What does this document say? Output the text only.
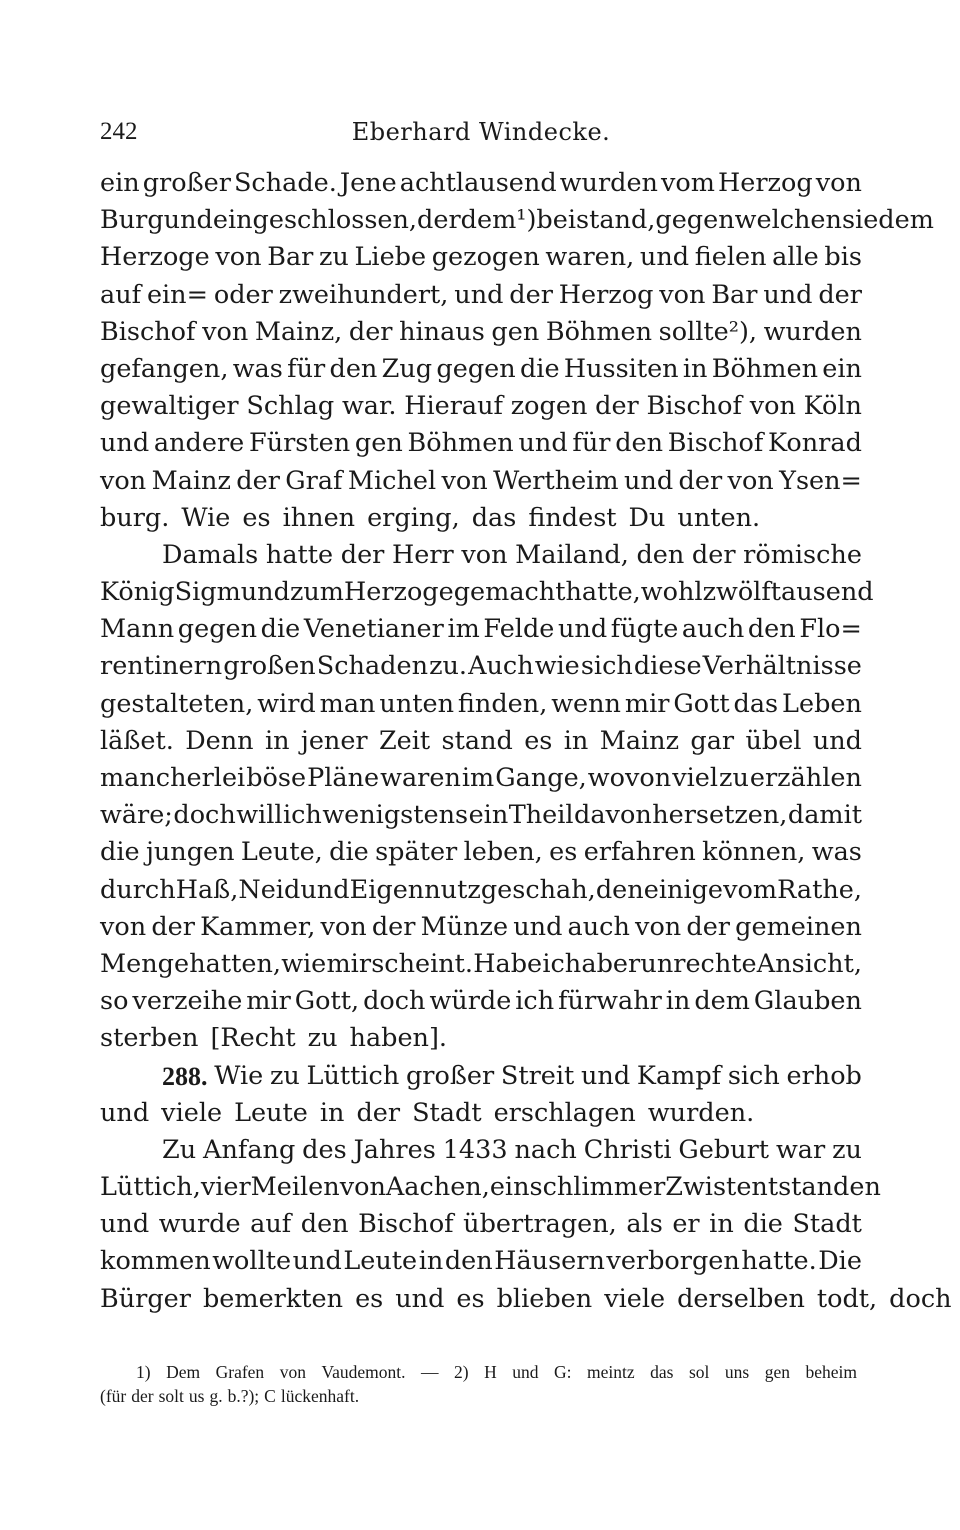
242	Eberhard Windecke.
ein großer Schade. Jene achtlausend wurden vom Herzog von
Burgund eingeschlossen, der dem¹) beistand, gegen welchen sie dem
Herzoge von Bar zu Liebe gezogen waren, und fielen alle bis
auf ein= oder zweihundert, und der Herzog von Bar und der
Bischof von Mainz, der hinaus gen Böhmen sollte²), wurden
gefangen, was für den Zug gegen die Hussiten in Böhmen ein
gewaltiger Schlag war. Hierauf zogen der Bischof von Köln
und andere Fürsten gen Böhmen und für den Bischof Konrad
von Mainz der Graf Michel von Wertheim und der von Ysen=
burg. Wie es ihnen erging, das findest Du unten.
Damals hatte der Herr von Mailand, den der römische
König Sigmund zum Herzoge gemacht hatte, wohl zwölftausend
Mann gegen die Venetianer im Felde und fügte auch den Flo=
rentinern großen Schaden zu. Auch wie sich diese Verhältnisse
gestalteten, wird man unten finden, wenn mir Gott das Leben
läßet. Denn in jener Zeit stand es in Mainz gar übel und
mancherlei böse Pläne waren im Gange, wovon viel zu erzählen
wäre; doch will ich wenigstens ein Theil davon hersetzen, damit
die jungen Leute, die später leben, es erfahren können, was
durch Haß, Neid und Eigennutz geschah, den einige vom Rathe,
von der Kammer, von der Münze und auch von der gemeinen
Menge hatten, wie mir scheint. Habe ich aber unrechte Ansicht,
so verzeihe mir Gott, doch würde ich fürwahr in dem Glauben
sterben [Recht zu haben].
288. Wie zu Lüttich großer Streit und Kampf sich erhob
und viele Leute in der Stadt erschlagen wurden.
Zu Anfang des Jahres 1433 nach Christi Geburt war zu
Lüttich, vier Meilen von Aachen, ein schlimmer Zwist entstanden
und wurde auf den Bischof übertragen, als er in die Stadt
kommen wollte und Leute in den Häusern verborgen hatte. Die
Bürger bemerkten es und es blieben viele derselben todt, doch
1) Dem Grafen von Vaudemont. — 2) H und G: meintz das sol uns gen beheim
(für der solt us g. b.?); C lückenhaft.
